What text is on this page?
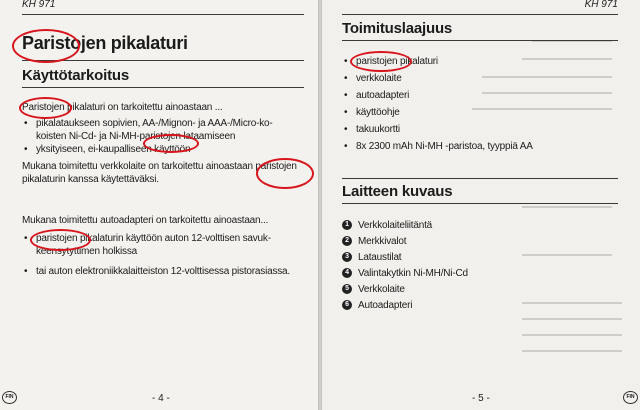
KH 971
Paristojen pikalaturi
Käyttötarkoitus
Paristojen pikalaturi on tarkoitettu ainoastaan ...
• pikalataukseen sopivien, AA-/Mignon- ja AAA-/Micro-ko-
koisten Ni-Cd- ja Ni-MH-paristojen lataamiseen
• yksityiseen, ei-kaupalliseen käyttöön
Mukana toimitettu verkkolaite on tarkoitettu ainoastaan paristojen
pikalaturin kanssa käytettäväksi.
Mukana toimitettu autoadapteri on tarkoitettu ainoastaan...
• paristojen pikalaturin käyttöön auton 12-volttisen savuk-
keensytyttimen holkissa
• tai auton elektroniikkalaitteiston 12-volttisessa pistorasiassa.
FIN	- 4 -
KH 971
Toimituslaajuus
• paristojen pikalaturi
• verkkolaite
• autoadapteri
• käyttöohje
• takuukortti
• 8x 2300 mAh Ni-MH -paristoa, tyyppiä AA
Laitteen kuvaus
1 Verkkolaiteliitäntä
2 Merkkivalot
3 Lataustilat
4 Valintakytkin Ni-MH/Ni-Cd
5 Verkkolaite
6 Autoadapteri
- 5 -	FIN
